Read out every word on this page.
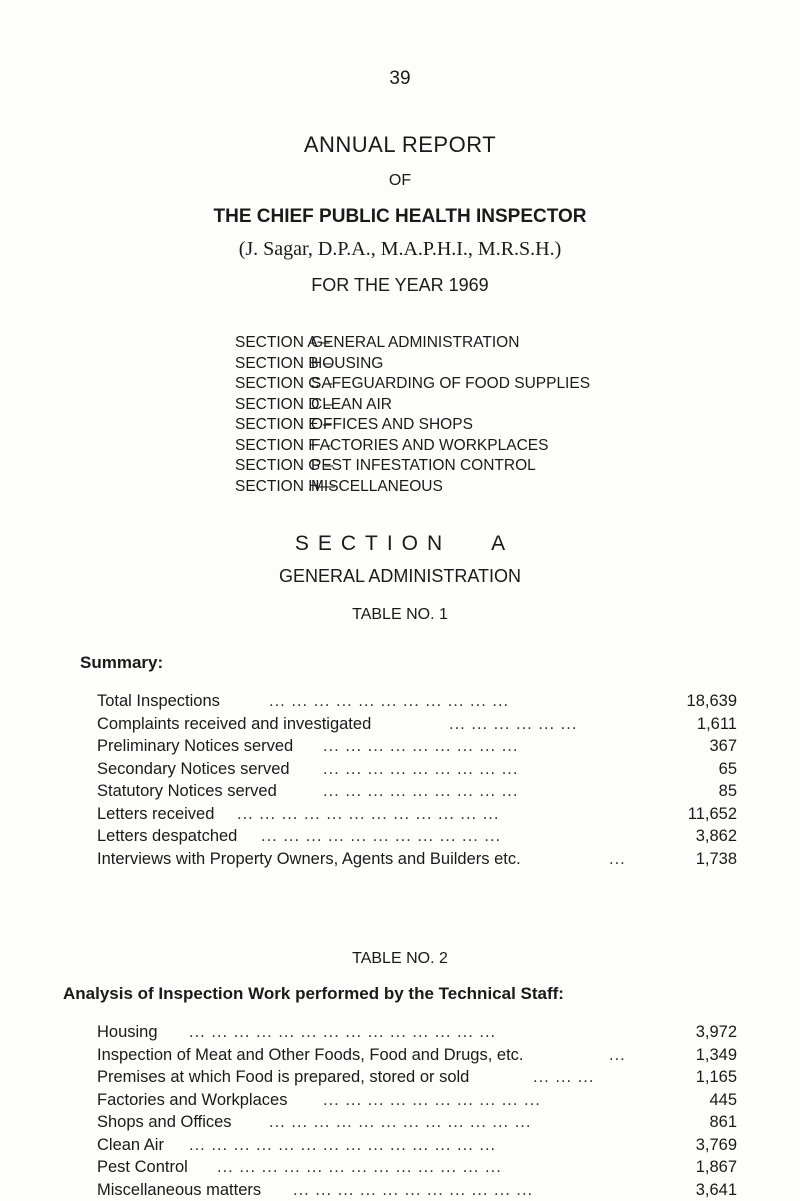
39
ANNUAL REPORT
OF
THE CHIEF PUBLIC HEALTH INSPECTOR
(J. Sagar, D.P.A., M.A.P.H.I., M.R.S.H.)
FOR THE YEAR 1969
SECTION A –GENERAL ADMINISTRATION
SECTION B –HOUSING
SECTION C –SAFEGUARDING OF FOOD SUPPLIES
SECTION D –CLEAN AIR
SECTION E –OFFICES AND SHOPS
SECTION F –FACTORIES AND WORKPLACES
SECTION G –PEST INFESTATION CONTROL
SECTION H—MISCELLANEOUS
SECTION A
GENERAL ADMINISTRATION
TABLE NO. 1
Summary:
Total Inspections	... ... ... ... ... ... ... ... ... ... ...	18,639
Complaints received and investigated	... ... ... ... ... ...	1,611
Preliminary Notices served ... ... ... ... ... ... ... ... ...	367
Secondary Notices served ... ... ... ... ... ... ... ... ...	65
Statutory Notices served	... ... ... ... ... ... ... ... ...	85
Letters received ... ... ... ... ... ... ... ... ... ... ... ...	11,652
Letters despatched ... ... ... ... ... ... ... ... ... ... ...	3,862
Interviews with Property Owners, Agents and Builders etc.	...	1,738
TABLE NO. 2
Analysis of Inspection Work performed by the Technical Staff:
Housing ... ... ... ... ... ... ... ... ... ... ... ... ... ...	3,972
Inspection of Meat and Other Foods, Food and Drugs, etc.	...	1,349
Premises at which Food is prepared, stored or sold	... ... ...	1,165
Factories and Workplaces ... ... ... ... ... ... ... ... ... ...	445
Shops and Offices ... ... ... ... ... ... ... ... ... ... ... ...	861
Clean Air ... ... ... ... ... ... ... ... ... ... ... ... ... ...	3,769
Pest Control ... ... ... ... ... ... ... ... ... ... ... ... ...	1,867
Miscellaneous matters ... ... ... ... ... ... ... ... ... ... ...	3,641
